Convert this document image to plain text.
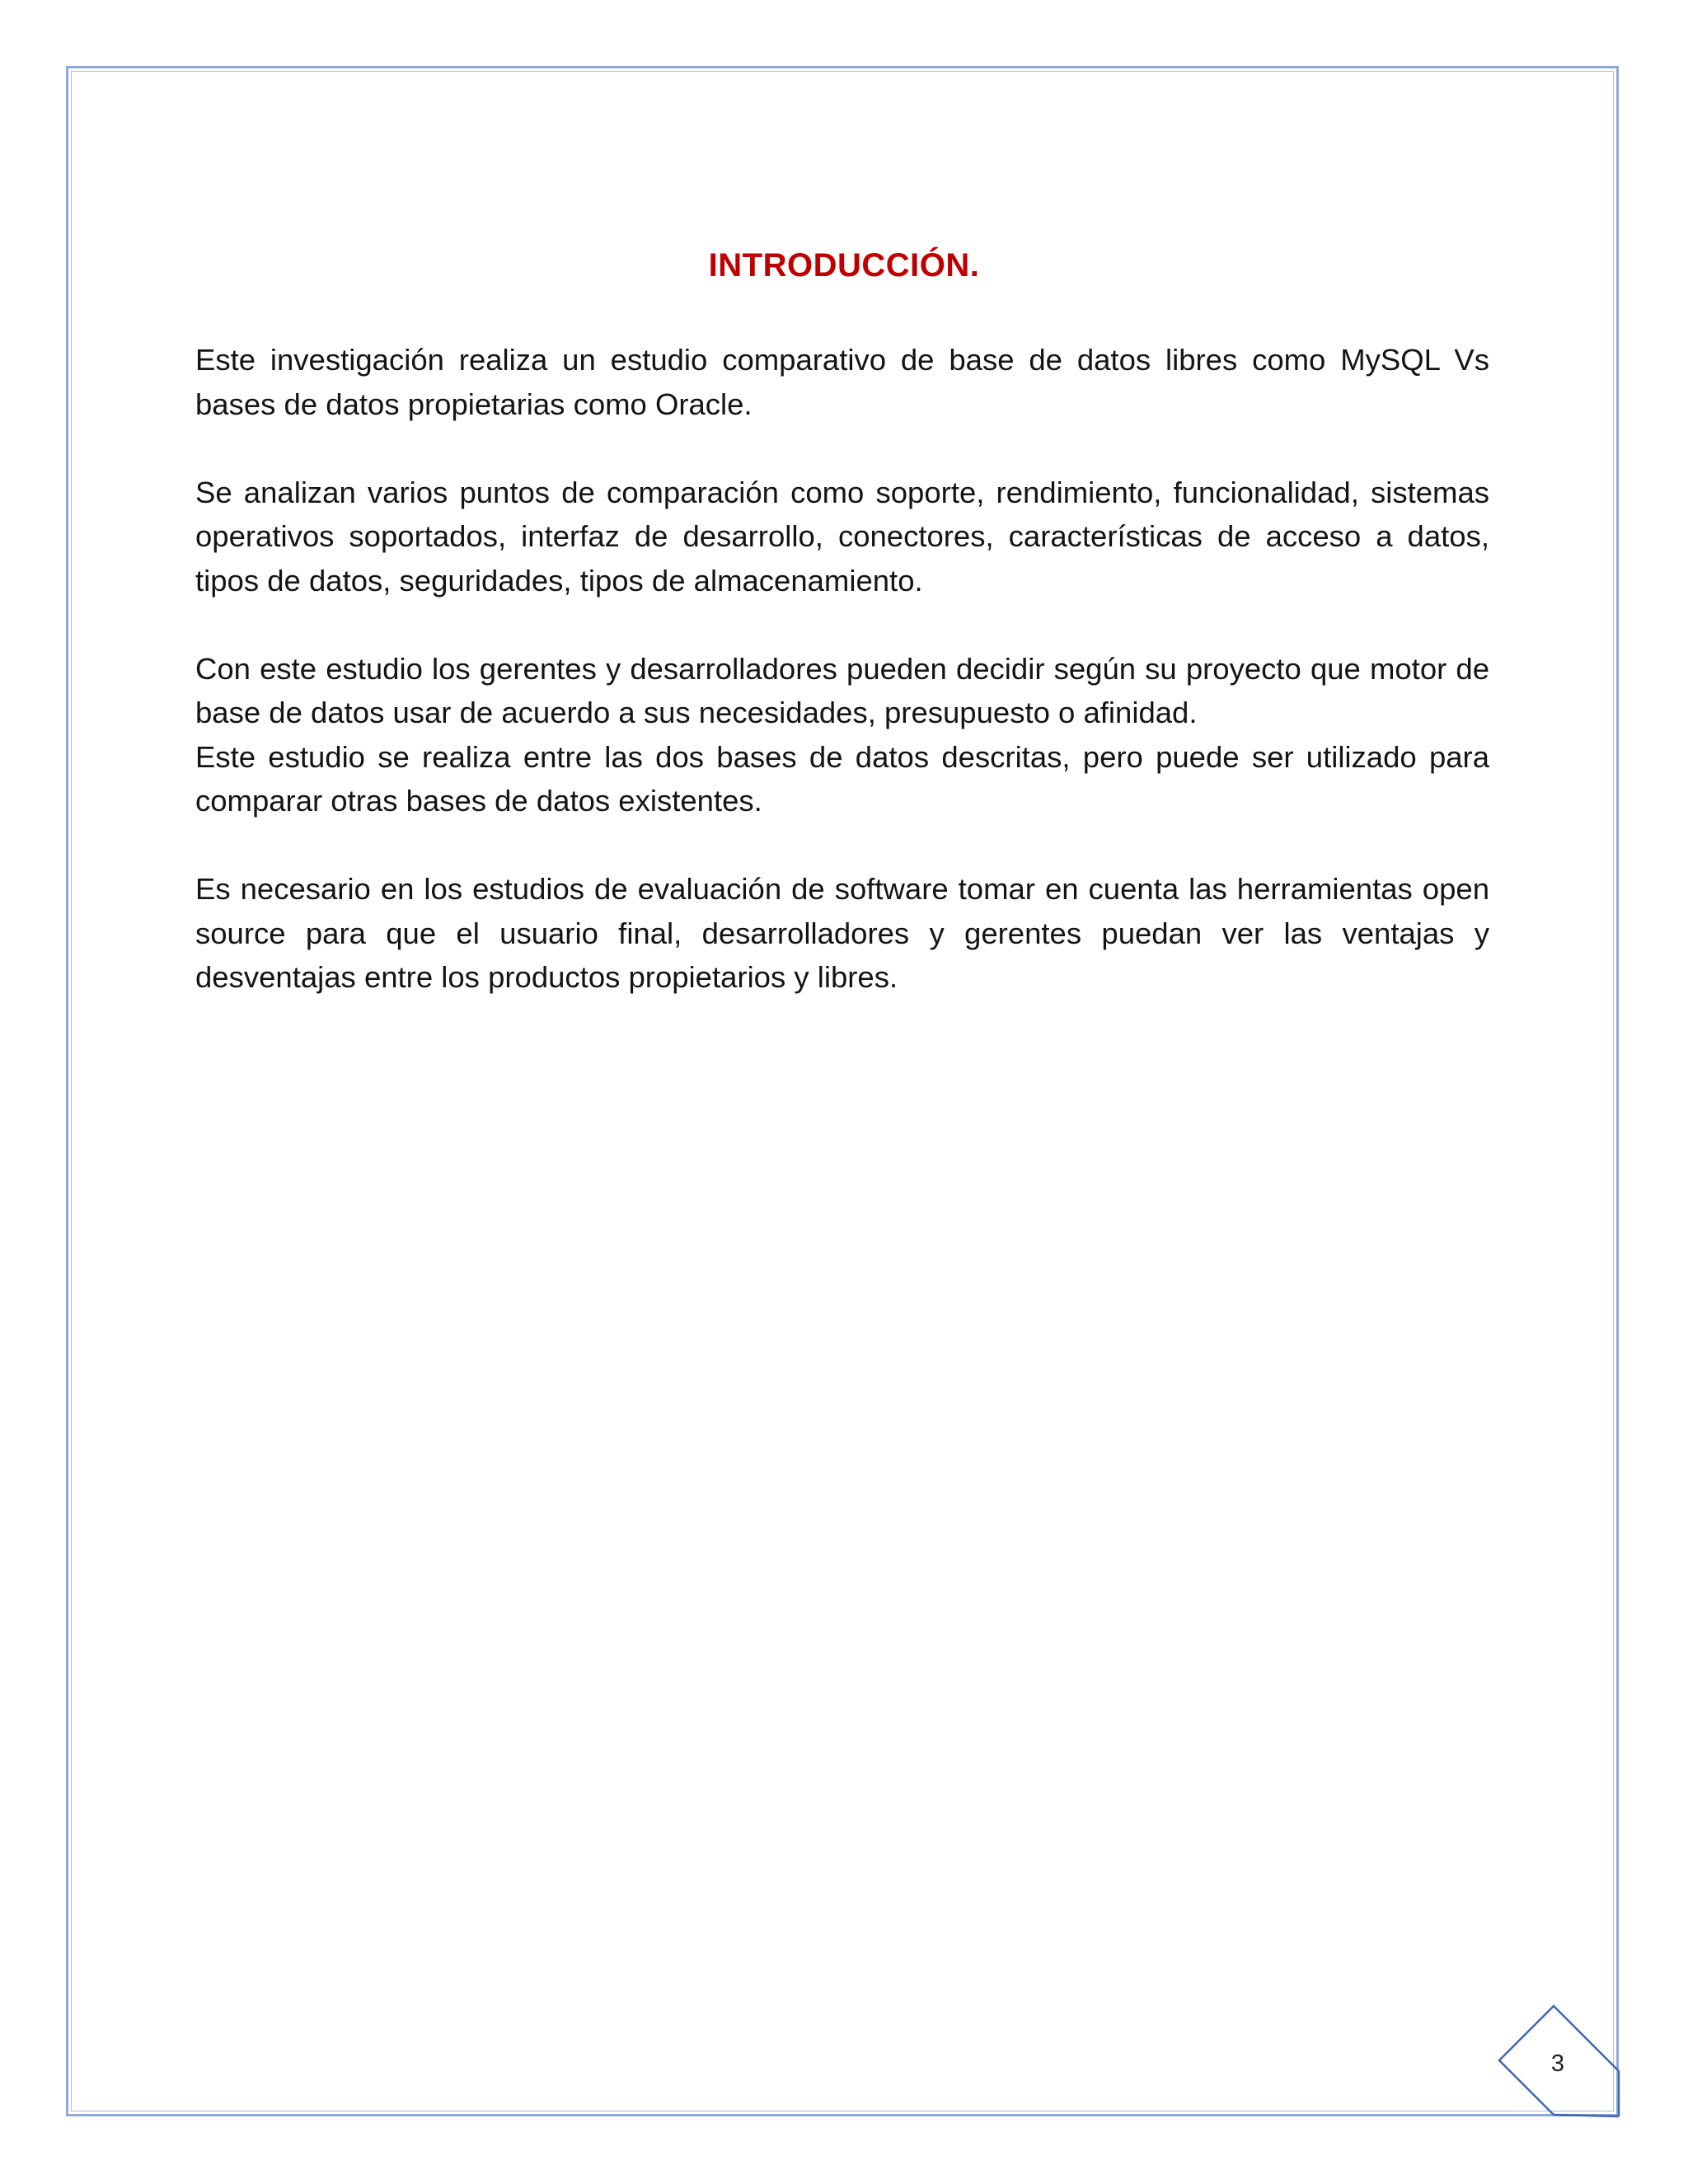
INTRODUCCIÓN.

Este investigación realiza un estudio comparativo de base de datos libres como MySQL Vs bases de datos propietarias como Oracle.

Se analizan varios puntos de comparación como soporte, rendimiento, funcionalidad, sistemas operativos soportados, interfaz de desarrollo, conectores, características de acceso a datos, tipos de datos, seguridades, tipos de almacenamiento.

Con este estudio los gerentes y desarrolladores pueden decidir según su proyecto que motor de base de datos usar de acuerdo a sus necesidades, presupuesto o afinidad.

Este estudio se realiza entre las dos bases de datos descritas, pero puede ser utilizado para comparar otras bases de datos existentes.

Es necesario en los estudios de evaluación de software tomar en cuenta las herramientas open source para que el usuario final, desarrolladores y gerentes puedan ver las ventajas y desventajas entre los productos propietarios y libres.

3
